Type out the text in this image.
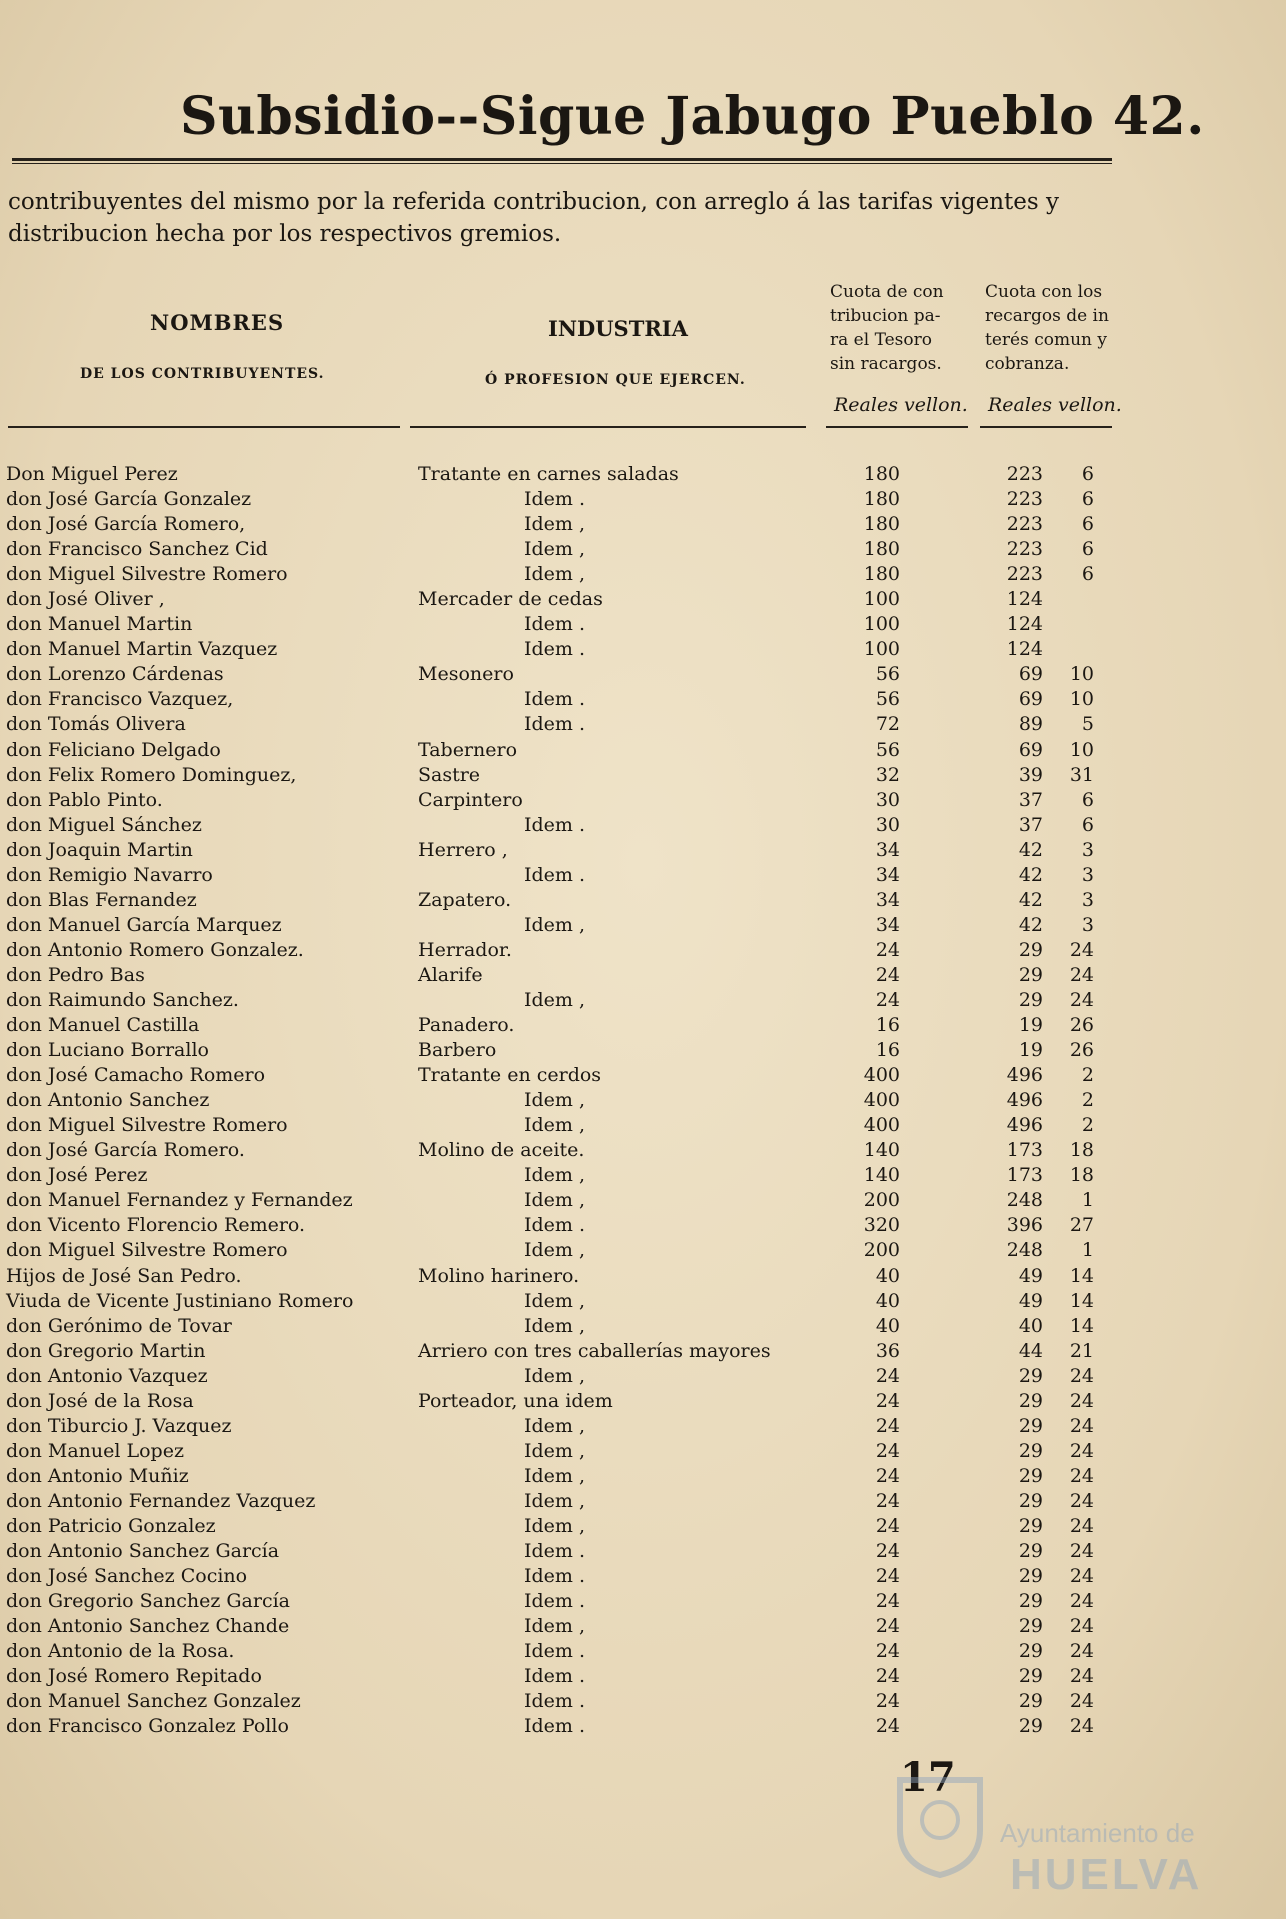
Subsidio--Sigue Jabugo Pueblo 42.

contribuyentes del mismo por la referida contribucion, con arreglo á las tarifas vigentes y distribucion hecha por los respectivos gremios.

NOMBRES
DE LOS CONTRIBUYENTES.
INDUSTRIA
Ó PROFESION QUE EJERCEN.
Cuota de con tribucion pa- ra el Tesoro sin racargos.
Cuota con los recargos de in terés comun y cobranza.
Reales vellon. Reales vellon.
Don Miguel Perez	Tratante en carnes saladas	180	223	6
don José García Gonzalez	Idem .	180	223	6
don José García Romero,	Idem ,	180	223	6
don Francisco Sanchez Cid	Idem ,	180	223	6
don Miguel Silvestre Romero	Idem ,	180	223	6
don José Oliver ,	Mercader de cedas	100	124
don Manuel Martin	Idem .	100	124
don Manuel Martin Vazquez	Idem .	100	124
don Lorenzo Cárdenas	Mesonero	56	69	10
don Francisco Vazquez,	Idem .	56	69	10
don Tomás Olivera	Idem .	72	89	5
don Feliciano Delgado	Tabernero	56	69	10
don Felix Romero Dominguez,	Sastre	32	39	31
don Pablo Pinto.	Carpintero	30	37	6
don Miguel Sánchez	Idem .	30	37	6
don Joaquin Martin	Herrero ,	34	42	3
don Remigio Navarro	Idem .	34	42	3
don Blas Fernandez	Zapatero.	34	42	3
don Manuel García Marquez	Idem ,	34	42	3
don Antonio Romero Gonzalez.	Herrador.	24	29	24
don Pedro Bas	Alarife	24	29	24
don Raimundo Sanchez.	Idem ,	24	29	24
don Manuel Castilla	Panadero.	16	19	26
don Luciano Borrallo	Barbero	16	19	26
don José Camacho Romero	Tratante en cerdos	400	496	2
don Antonio Sanchez	Idem ,	400	496	2
don Miguel Silvestre Romero	Idem ,	400	496	2
don José García Romero.	Molino de aceite.	140	173	18
don José Perez	Idem ,	140	173	18
don Manuel Fernandez y Fernandez	Idem ,	200	248	1
don Vicento Florencio Remero.	Idem .	320	396	27
don Miguel Silvestre Romero	Idem ,	200	248	1
Hijos de José San Pedro.	Molino harinero.	40	49	14
Viuda de Vicente Justiniano Romero	Idem ,	40	49	14
don Gerónimo de Tovar	Idem ,	40	40	14
don Gregorio Martin	Arriero con tres caballerías mayores	36	44	21
don Antonio Vazquez	Idem ,	24	29	24
don José de la Rosa	Porteador, una idem	24	29	24
don Tiburcio J. Vazquez	Idem ,	24	29	24
don Manuel Lopez	Idem ,	24	29	24
don Antonio Muñiz	Idem ,	24	29	24
don Antonio Fernandez Vazquez	Idem ,	24	29	24
don Patricio Gonzalez	Idem ,	24	29	24
don Antonio Sanchez García	Idem .	24	29	24
don José Sanchez Cocino	Idem .	24	29	24
don Gregorio Sanchez García	Idem .	24	29	24
don Antonio Sanchez Chande	Idem ,	24	29	24
don Antonio de la Rosa.	Idem .	24	29	24
don José Romero Repitado	Idem .	24	29	24
don Manuel Sanchez Gonzalez	Idem .	24	29	24
don Francisco Gonzalez Pollo	Idem .	24	29	24
17
Ayuntamiento de
HUELVA
